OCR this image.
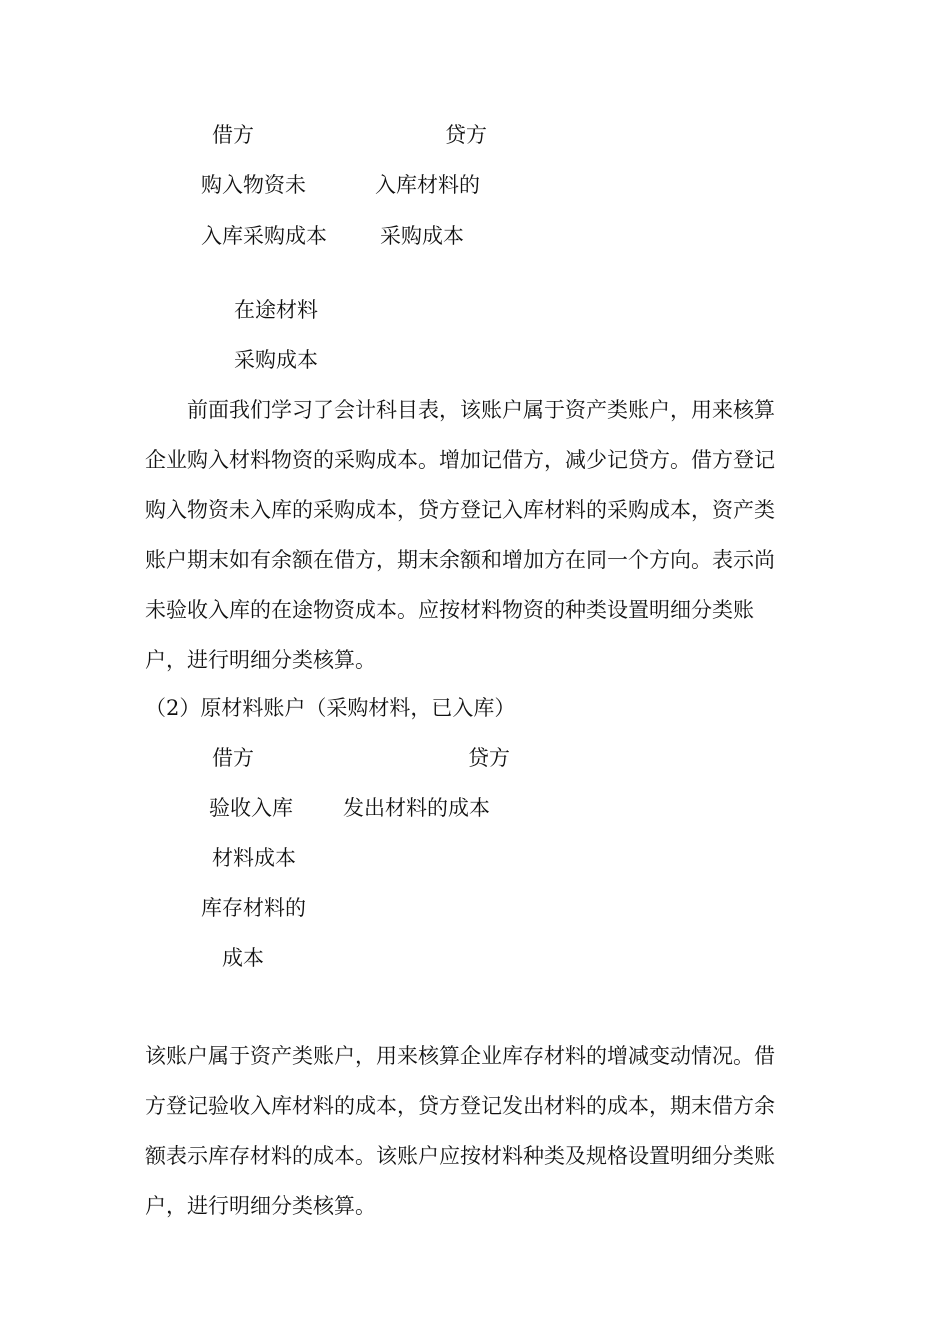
借方	贷方
购入物资未	入库材料的
入库采购成本	采购成本
在途材料
采购成本
　　前面我们学习了会计科目表，该账户属于资产类账户，用来核算
企业购入材料物资的采购成本。增加记借方，减少记贷方。借方登记
购入物资未入库的采购成本，贷方登记入库材料的采购成本，资产类
账户期末如有余额在借方，期末余额和增加方在同一个方向。表示尚
未验收入库的在途物资成本。应按材料物资的种类设置明细分类账
户，进行明细分类核算。
（2）原材料账户（采购材料，已入库）
借方	贷方
验收入库 发出材料的成本
材料成本
库存材料的
成本
该账户属于资产类账户，用来核算企业库存材料的增减变动情况。借
方登记验收入库材料的成本，贷方登记发出材料的成本，期末借方余
额表示库存材料的成本。该账户应按材料种类及规格设置明细分类账
户，进行明细分类核算。
